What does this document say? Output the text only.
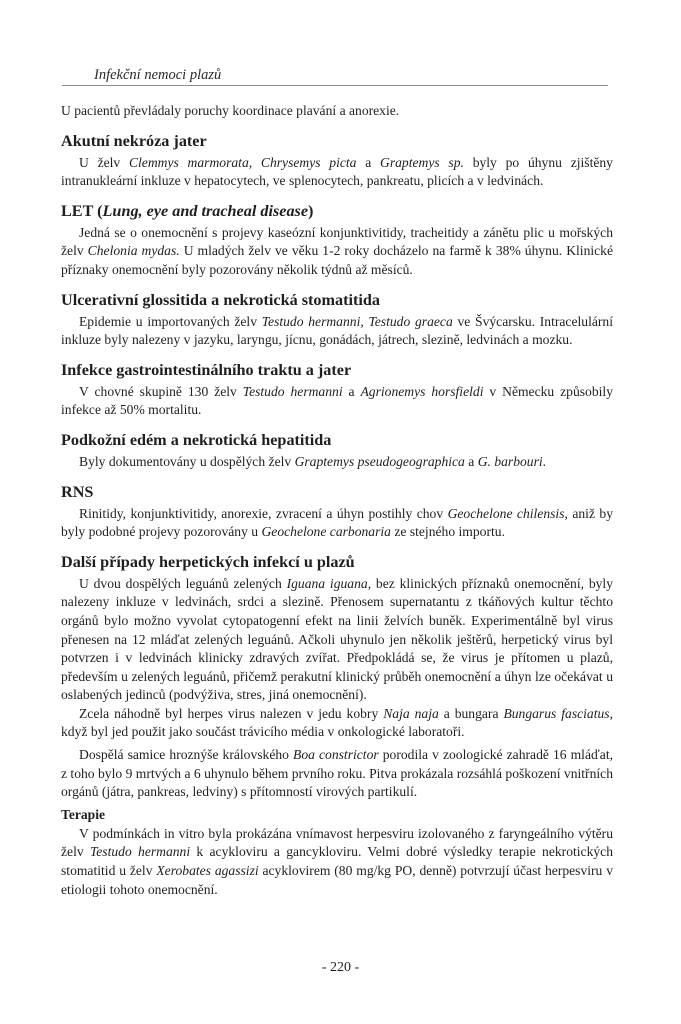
Infekční nemoci plazů

U pacientů převládaly poruchy koordinace plavání a anorexie.

Akutní nekróza jater

U želv Clemmys marmorata, Chrysemys picta a Graptemys sp. byly po úhynu zjištěny intranukleární inkluze v hepatocytech, ve splenocytech, pankreatu, plicích a v ledvinách.

LET (Lung, eye and tracheal disease)

Jedná se o onemocnění s projevy kaseózní konjunktivitidy, tracheitidy a zánětu plic u mořských želv Chelonia mydas. U mladých želv ve věku 1-2 roky docházelo na farmě k 38% úhynu. Klinické příznaky onemocnění byly pozorovány několik týdnů až měsíců.

Ulcerativní glossitida a nekrotická stomatitida

Epidemie u importovaných želv Testudo hermanni, Testudo graeca ve Švýcarsku. Intracelulární inkluze byly nalezeny v jazyku, laryngu, jícnu, gonádách, játrech, slezině, ledvinách a mozku.

Infekce gastrointestinálního traktu a jater

V chovné skupině 130 želv Testudo hermanni a Agrionemys horsfieldi v Německu způsobily infekce až 50% mortalitu.

Podkožní edém a nekrotická hepatitida

Byly dokumentovány u dospělých želv Graptemys pseudogeographica a G. barbouri.

RNS

Rinitidy, konjunktivitidy, anorexie, zvracení a úhyn postihly chov Geochelone chilensis, aniž by byly podobné projevy pozorovány u Geochelone carbonaria ze stejného importu.

Další případy herpetických infekcí u plazů

U dvou dospělých leguánů zelených Iguana iguana, bez klinických příznaků onemocnění, byly nalezeny inkluze v ledvinách, srdci a slezině. Přenosem supernatantu z tkáňových kultur těchto orgánů bylo možno vyvolat cytopatogenní efekt na linii želvích buněk. Experimentálně byl virus přenesen na 12 mláďat zelených leguánů. Ačkoli uhynulo jen několik ještěrů, herpetický virus byl potvrzen i v ledvinách klinicky zdravých zvířat. Předpokládá se, že virus je přítomen u plazů, především u zelených leguánů, přičemž perakutní klinický průběh onemocnění a úhyn lze očekávat u oslabených jedinců (podvýživa, stres, jiná onemocnění).

Zcela náhodně byl herpes virus nalezen v jedu kobry Naja naja a bungara Bungarus fasciatus, když byl jed použit jako součást trávicího média v onkologické laboratoři.

Dospělá samice hroznýše královského Boa constrictor porodila v zoologické zahradě 16 mláďat, z toho bylo 9 mrtvých a 6 uhynulo během prvního roku. Pitva prokázala rozsáhlá poškození vnitřních orgánů (játra, pankreas, ledviny) s přítomností virových partikulí.

Terapie

V podmínkách in vitro byla prokázána vnímavost herpesviru izolovaného z faryngeálního výtěru želv Testudo hermanni k acykloviru a gancykloviru. Velmi dobré výsledky terapie nekrotických stomatitid u želv Xerobates agassizi acyklovirem (80 mg/kg PO, denně) potvrzují účast herpesviru v etiologii tohoto onemocnění.

- 220 -
